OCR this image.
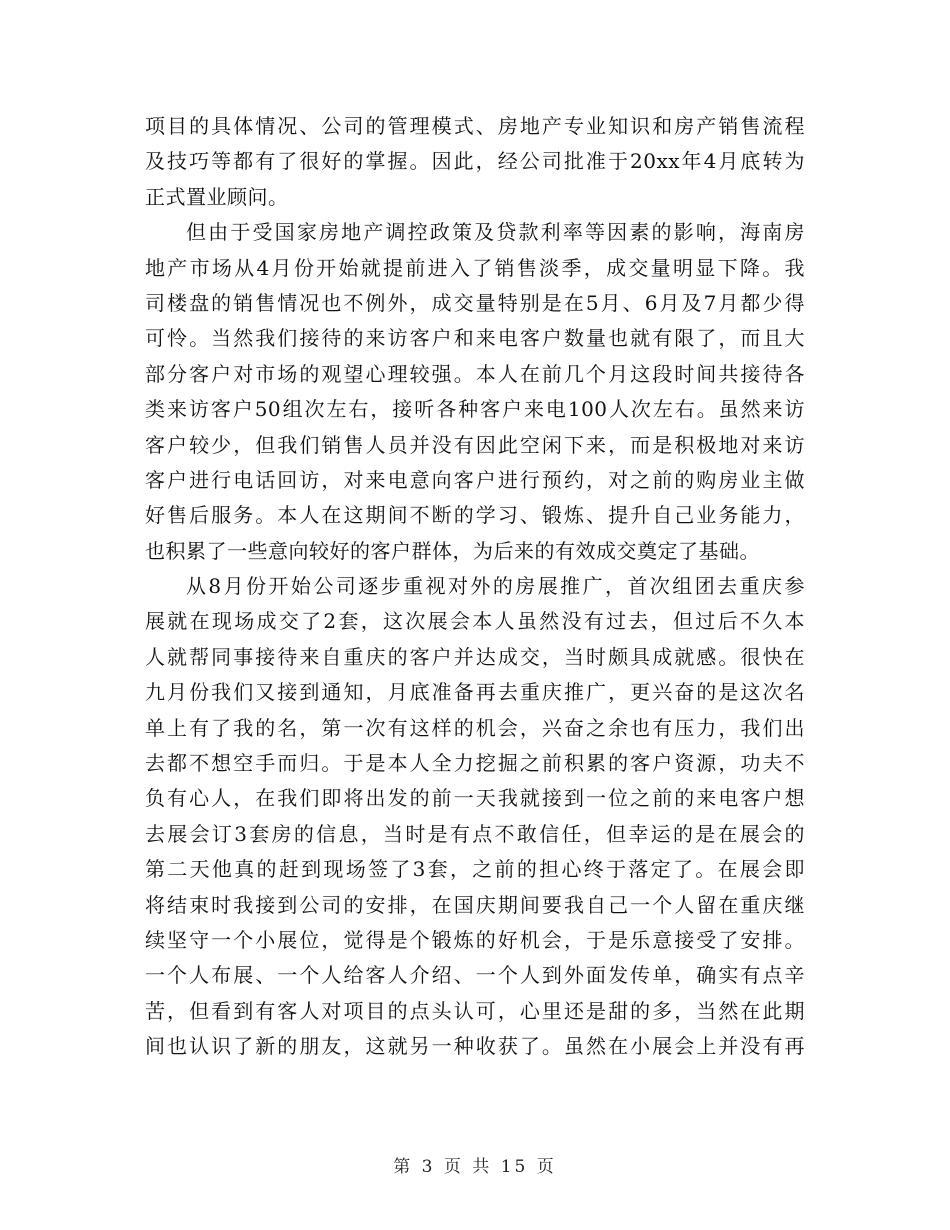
项目的具体情况、公司的管理模式、房地产专业知识和房产销售流程
及技巧等都有了很好的掌握。因此，经公司批准于20xx年4月底转为
正式置业顾问。
但由于受国家房地产调控政策及贷款利率等因素的影响，海南房
地产市场从4月份开始就提前进入了销售淡季，成交量明显下降。我
司楼盘的销售情况也不例外，成交量特别是在5月、6月及7月都少得
可怜。当然我们接待的来访客户和来电客户数量也就有限了，而且大
部分客户对市场的观望心理较强。本人在前几个月这段时间共接待各
类来访客户50组次左右，接听各种客户来电100人次左右。虽然来访
客户较少，但我们销售人员并没有因此空闲下来，而是积极地对来访
客户进行电话回访，对来电意向客户进行预约，对之前的购房业主做
好售后服务。本人在这期间不断的学习、锻炼、提升自己业务能力，
也积累了一些意向较好的客户群体，为后来的有效成交奠定了基础。
从8月份开始公司逐步重视对外的房展推广，首次组团去重庆参
展就在现场成交了2套，这次展会本人虽然没有过去，但过后不久本
人就帮同事接待来自重庆的客户并达成交，当时颇具成就感。很快在
九月份我们又接到通知，月底准备再去重庆推广，更兴奋的是这次名
单上有了我的名，第一次有这样的机会，兴奋之余也有压力，我们出
去都不想空手而归。于是本人全力挖掘之前积累的客户资源，功夫不
负有心人，在我们即将出发的前一天我就接到一位之前的来电客户想
去展会订3套房的信息，当时是有点不敢信任，但幸运的是在展会的
第二天他真的赶到现场签了3套，之前的担心终于落定了。在展会即
将结束时我接到公司的安排，在国庆期间要我自己一个人留在重庆继
续坚守一个小展位，觉得是个锻炼的好机会，于是乐意接受了安排。
一个人布展、一个人给客人介绍、一个人到外面发传单，确实有点辛
苦，但看到有客人对项目的点头认可，心里还是甜的多，当然在此期
间也认识了新的朋友，这就另一种收获了。虽然在小展会上并没有再
第 3 页 共 15 页
